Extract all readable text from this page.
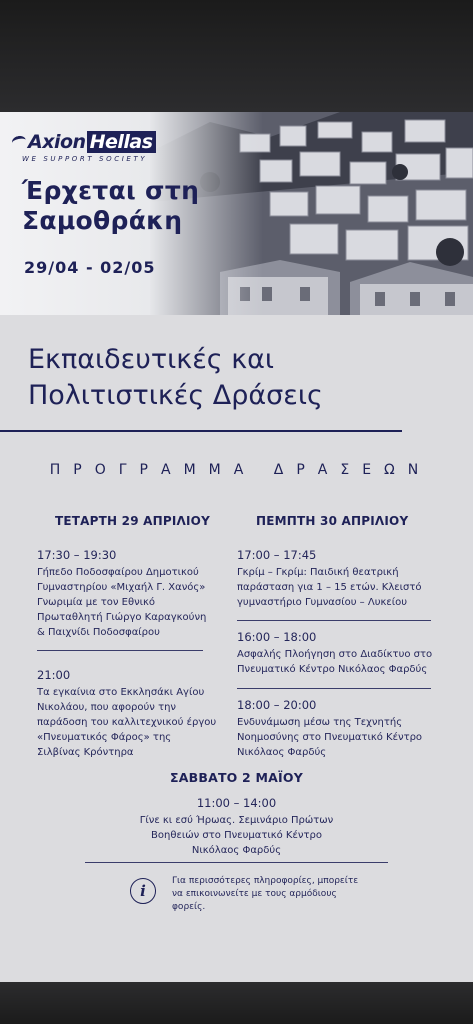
Axion Hellas
WE SUPPORT SOCIETY
Έρχεται στη Σαμοθράκη
29/04 - 02/05
Εκπαιδευτικές και Πολιτιστικές Δράσεις
ΠΡΟΓΡΑΜΜΑ ΔΡΑΣΕΩΝ
ΤΕΤΑΡΤΗ 29 ΑΠΡΙΛΙΟΥ
17:30 – 19:30
Γήπεδο Ποδοσφαίρου Δημοτικού Γυμναστηρίου «Μιχαήλ Γ. Χανός» Γνωριμία με τον Εθνικό Πρωταθλητή Γιώργο Καραγκούνη & Παιχνίδι Ποδοσφαίρου
21:00
Τα εγκαίνια στο Εκκλησάκι Αγίου Νικολάου, που αφορούν την παράδοση του καλλιτεχνικού έργου «Πνευματικός Φάρος» της Σιλβίνας Κρόντηρα
ΠΕΜΠΤΗ 30 ΑΠΡΙΛΙΟΥ
17:00 – 17:45
Γκρίμ – Γκρίμ: Παιδική θεατρική παράσταση για 1 – 15 ετών. Κλειστό γυμναστήριο Γυμνασίου – Λυκείου
16:00 – 18:00
Ασφαλής Πλοήγηση στο Διαδίκτυο στο Πνευματικό Κέντρο Νικόλαος Φαρδύς
18:00 – 20:00
Ενδυνάμωση μέσω της Τεχνητής Νοημοσύνης στο Πνευματικό Κέντρο Νικόλαος Φαρδύς
ΣΑΒΒΑΤΟ 2 ΜΑΪΟΥ
11:00 – 14:00
Γίνε κι εσύ Ήρωας. Σεμινάριο Πρώτων Βοηθειών στο Πνευματικό Κέντρο Νικόλαος Φαρδύς
i
Για περισσότερες πληροφορίες, μπορείτε να επικοινωνείτε με τους αρμόδιους φορείς.
